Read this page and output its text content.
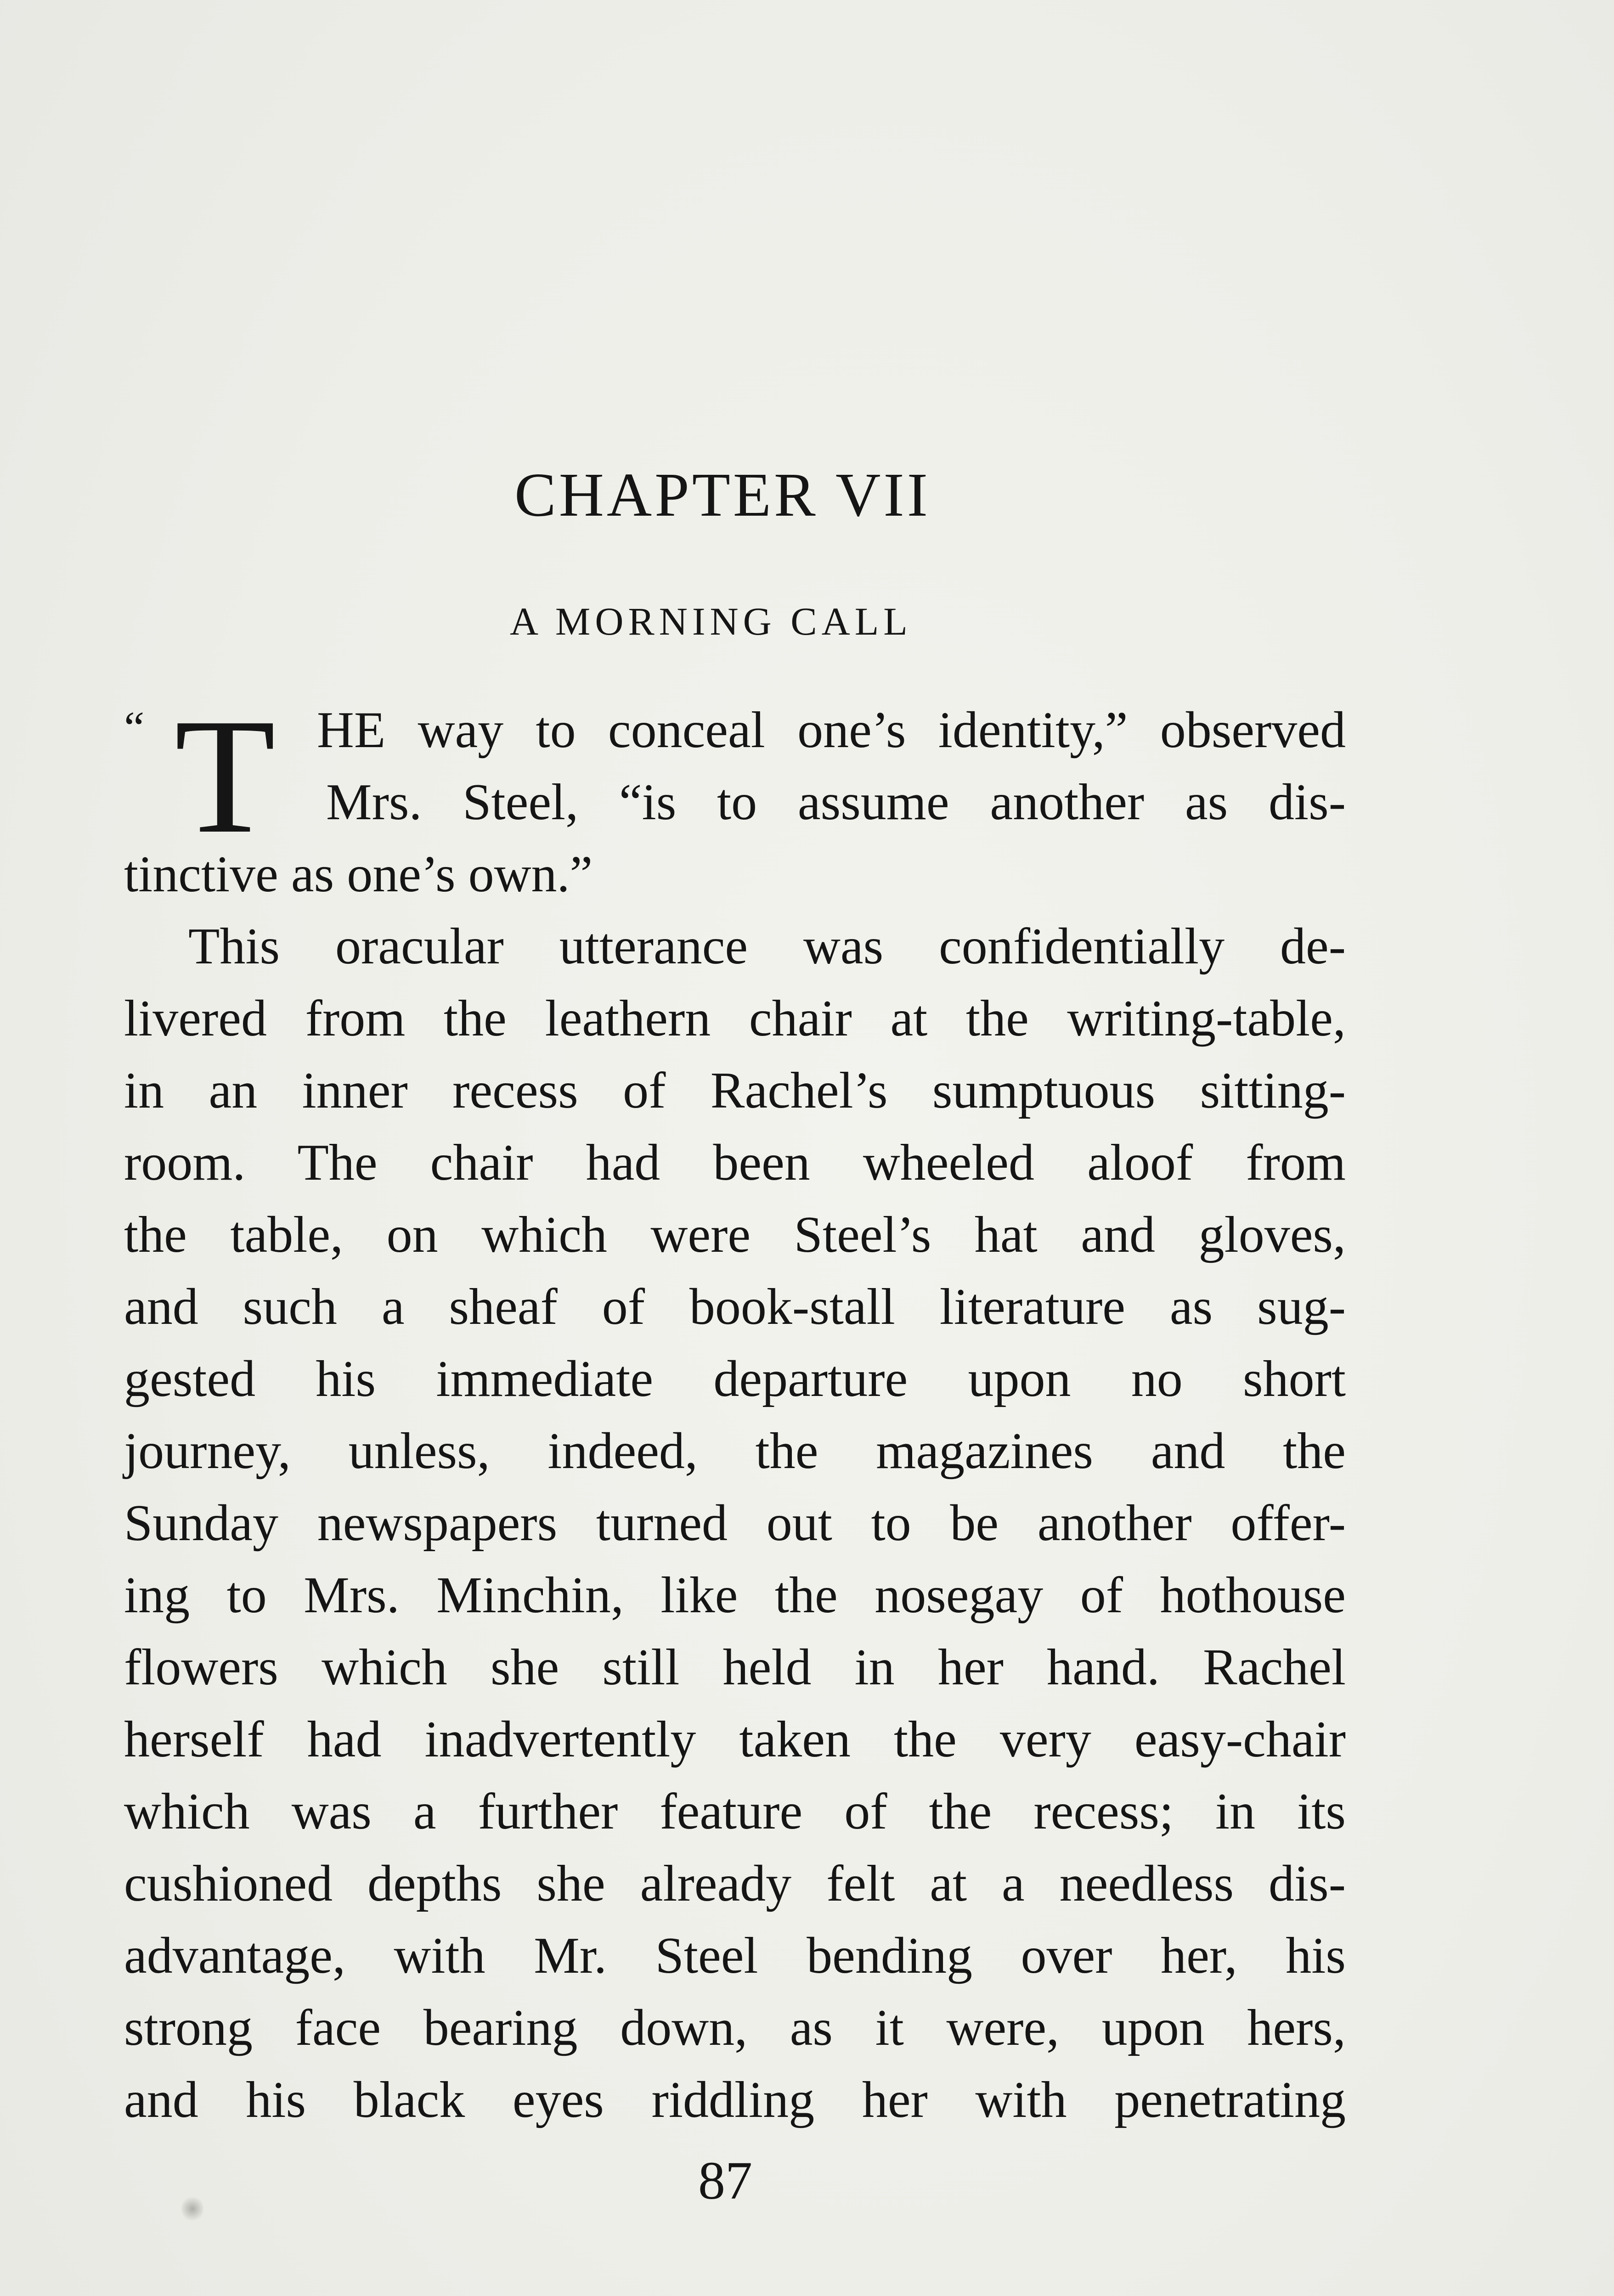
CHAPTER VII
A MORNING CALL
“ T HE way to conceal one’s identity,” observed
Mrs. Steel, “is to assume another as dis-
tinctive as one’s own.”
This oracular utterance was confidentially de-
livered from the leathern chair at the writing-table,
in an inner recess of Rachel’s sumptuous sitting-
room. The chair had been wheeled aloof from
the table, on which were Steel’s hat and gloves,
and such a sheaf of book-stall literature as sug-
gested his immediate departure upon no short
journey, unless, indeed, the magazines and the
Sunday newspapers turned out to be another offer-
ing to Mrs. Minchin, like the nosegay of hothouse
flowers which she still held in her hand. Rachel
herself had inadvertently taken the very easy-chair
which was a further feature of the recess; in its
cushioned depths she already felt at a needless dis-
advantage, with Mr. Steel bending over her, his
strong face bearing down, as it were, upon hers,
and his black eyes riddling her with penetrating
87
